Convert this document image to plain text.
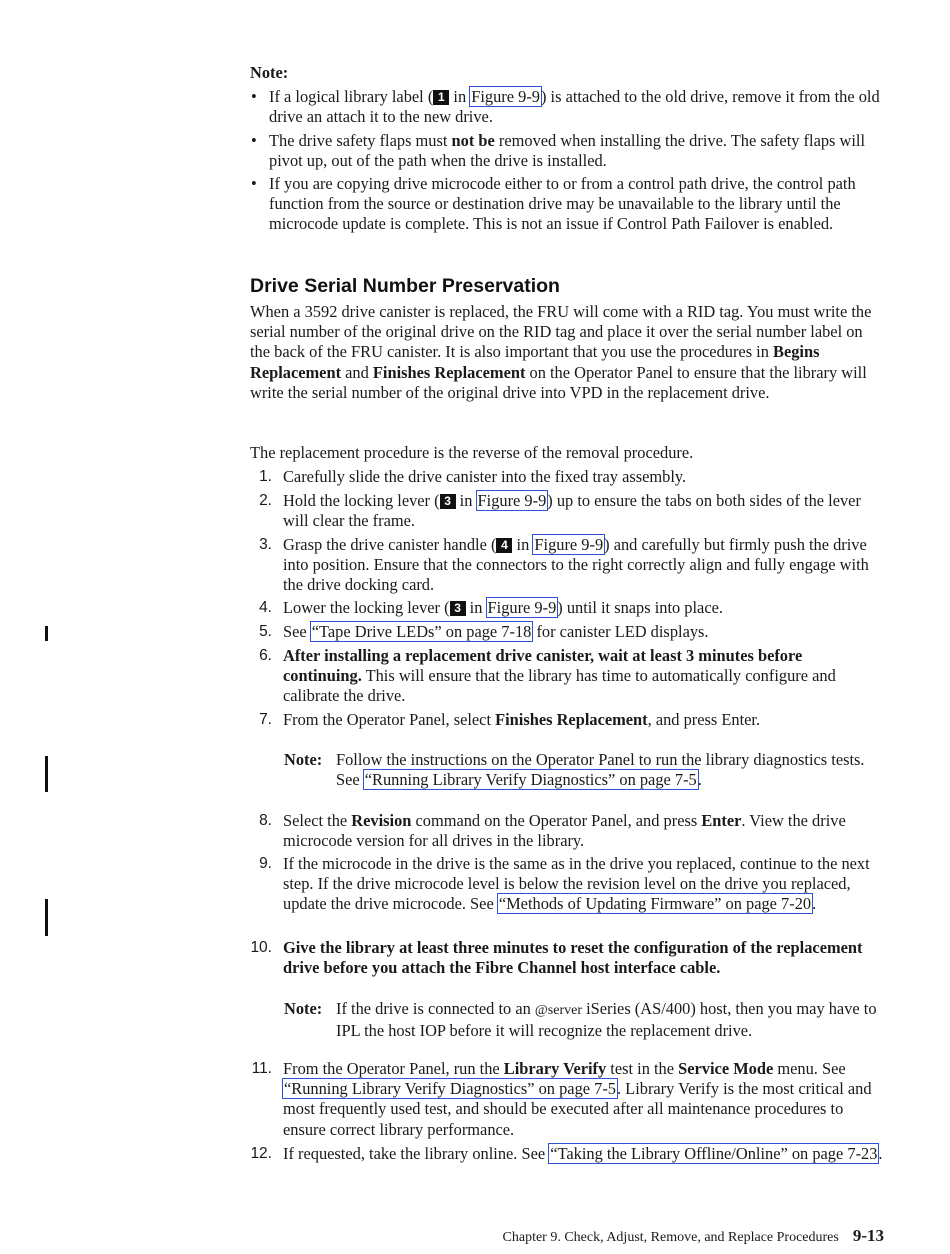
Note:
• If a logical library label ( 1 in Figure 9-9) is attached to the old drive, remove it from the old drive an attach it to the new drive.
• The drive safety flaps must not be removed when installing the drive. The safety flaps will pivot up, out of the path when the drive is installed.
• If you are copying drive microcode either to or from a control path drive, the control path function from the source or destination drive may be unavailable to the library until the microcode update is complete. This is not an issue if Control Path Failover is enabled.
Drive Serial Number Preservation
When a 3592 drive canister is replaced, the FRU will come with a RID tag. You must write the serial number of the original drive on the RID tag and place it over the serial number label on the back of the FRU canister. It is also important that you use the procedures in Begins Replacement and Finishes Replacement on the Operator Panel to ensure that the library will write the serial number of the original drive into VPD in the replacement drive.
The replacement procedure is the reverse of the removal procedure.
1. Carefully slide the drive canister into the fixed tray assembly.
2. Hold the locking lever ( 3 in Figure 9-9) up to ensure the tabs on both sides of the lever will clear the frame.
3. Grasp the drive canister handle ( 4 in Figure 9-9) and carefully but firmly push the drive into position. Ensure that the connectors to the right correctly align and fully engage with the drive docking card.
4. Lower the locking lever ( 3 in Figure 9-9) until it snaps into place.
5. See “Tape Drive LEDs” on page 7-18 for canister LED displays.
6. After installing a replacement drive canister, wait at least 3 minutes before continuing. This will ensure that the library has time to automatically configure and calibrate the drive.
7. From the Operator Panel, select Finishes Replacement, and press Enter.
Note: Follow the instructions on the Operator Panel to run the library diagnostics tests. See “Running Library Verify Diagnostics” on page 7-5.
8. Select the Revision command on the Operator Panel, and press Enter. View the drive microcode version for all drives in the library.
9. If the microcode in the drive is the same as in the drive you replaced, continue to the next step. If the drive microcode level is below the revision level on the drive you replaced, update the drive microcode. See “Methods of Updating Firmware” on page 7-20.
10. Give the library at least three minutes to reset the configuration of the replacement drive before you attach the Fibre Channel host interface cable.
Note: If the drive is connected to an @server iSeries (AS/400) host, then you may have to IPL the host IOP before it will recognize the replacement drive.
11. From the Operator Panel, run the Library Verify test in the Service Mode menu. See “Running Library Verify Diagnostics” on page 7-5. Library Verify is the most critical and most frequently used test, and should be executed after all maintenance procedures to ensure correct library performance.
12. If requested, take the library online. See “Taking the Library Offline/Online” on page 7-23.
Chapter 9. Check, Adjust, Remove, and Replace Procedures 9-13
